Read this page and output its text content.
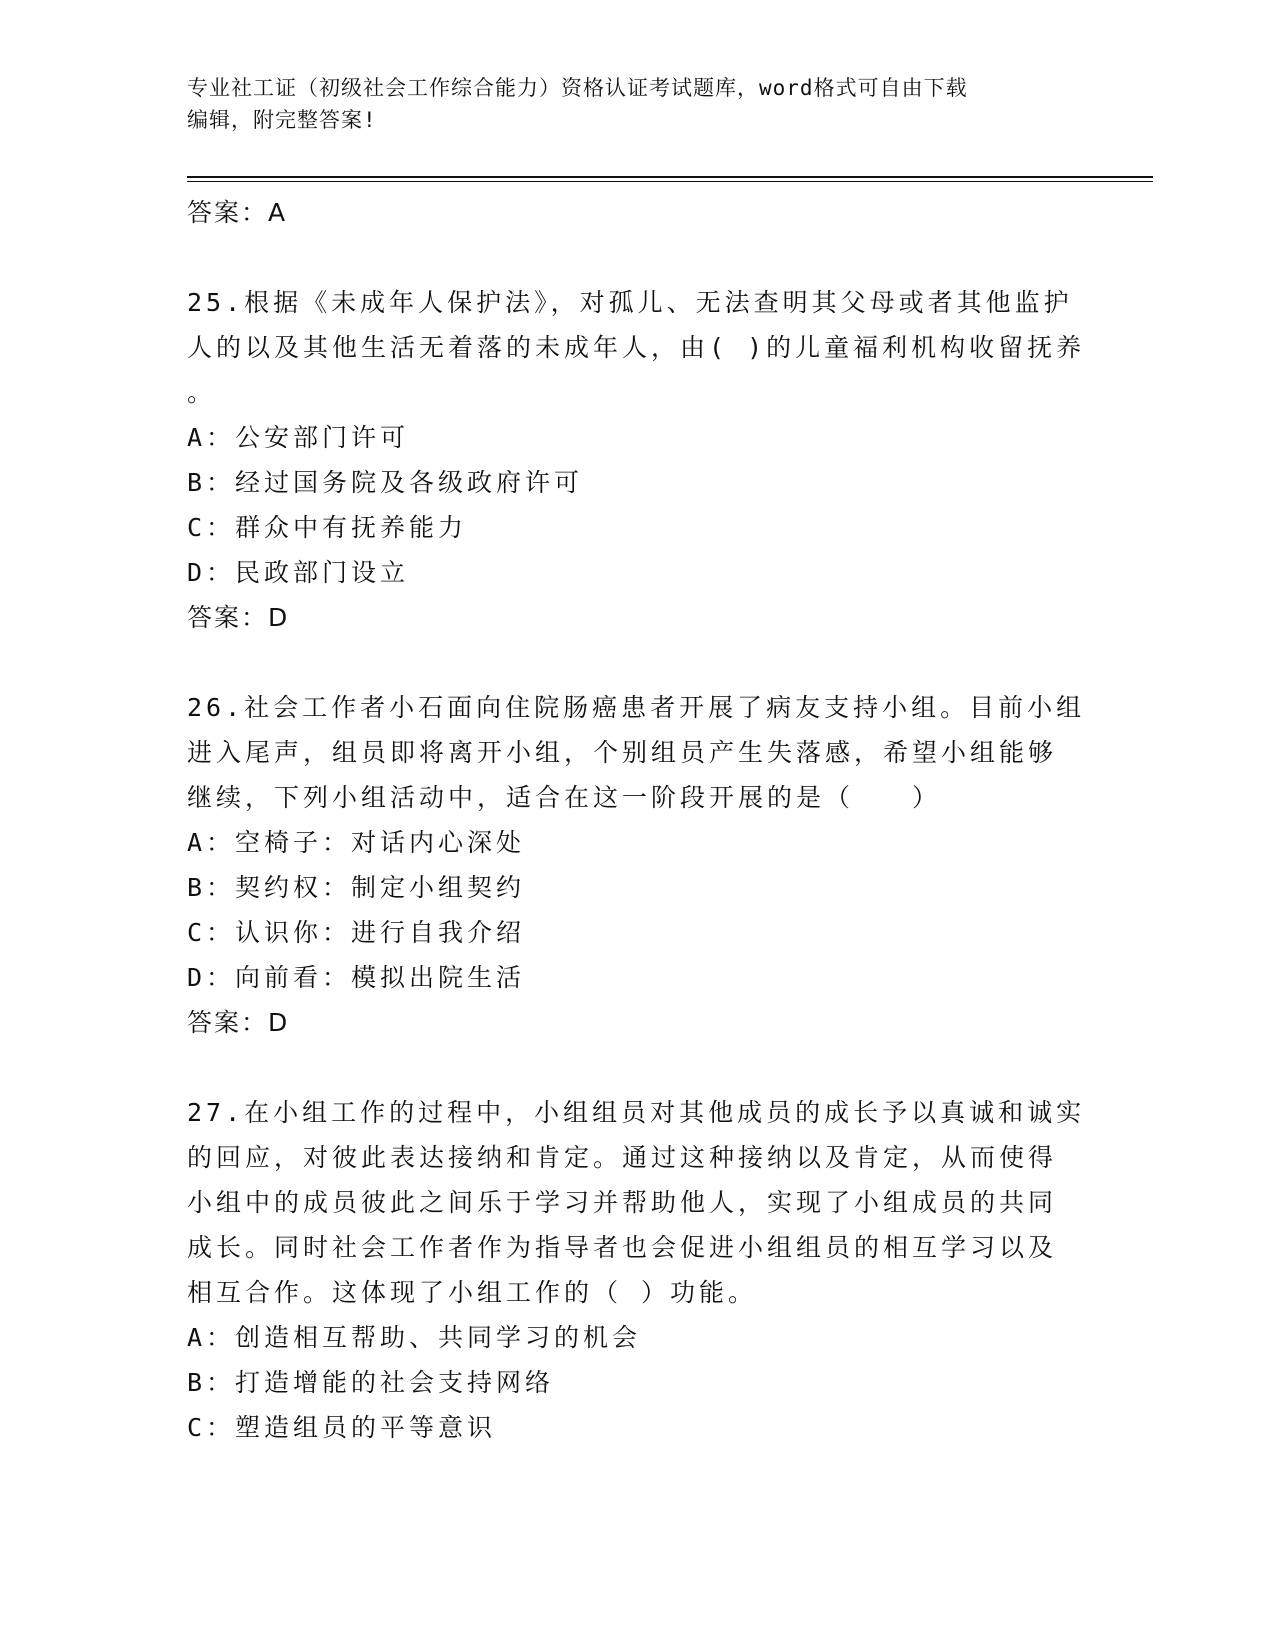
专业社工证（初级社会工作综合能力）资格认证考试题库，word格式可自由下载
编辑，附完整答案!
答案：A
25.根据《未成年人保护法》，对孤儿、无法查明其父母或者其他监护
人的以及其他生活无着落的未成年人，由( )的儿童福利机构收留抚养
。
A：公安部门许可
B：经过国务院及各级政府许可
C：群众中有抚养能力
D：民政部门设立
答案：D
26.社会工作者小石面向住院肠癌患者开展了病友支持小组。目前小组
进入尾声，组员即将离开小组，个别组员产生失落感，希望小组能够
继续，下列小组活动中，适合在这一阶段开展的是（　　）
A：空椅子：对话内心深处
B：契约权：制定小组契约
C：认识你：进行自我介绍
D：向前看：模拟出院生活
答案：D
27.在小组工作的过程中，小组组员对其他成员的成长予以真诚和诚实
的回应，对彼此表达接纳和肯定。通过这种接纳以及肯定，从而使得
小组中的成员彼此之间乐于学习并帮助他人，实现了小组成员的共同
成长。同时社会工作者作为指导者也会促进小组组员的相互学习以及
相互合作。这体现了小组工作的（ ）功能。
A：创造相互帮助、共同学习的机会
B：打造增能的社会支持网络
C：塑造组员的平等意识
